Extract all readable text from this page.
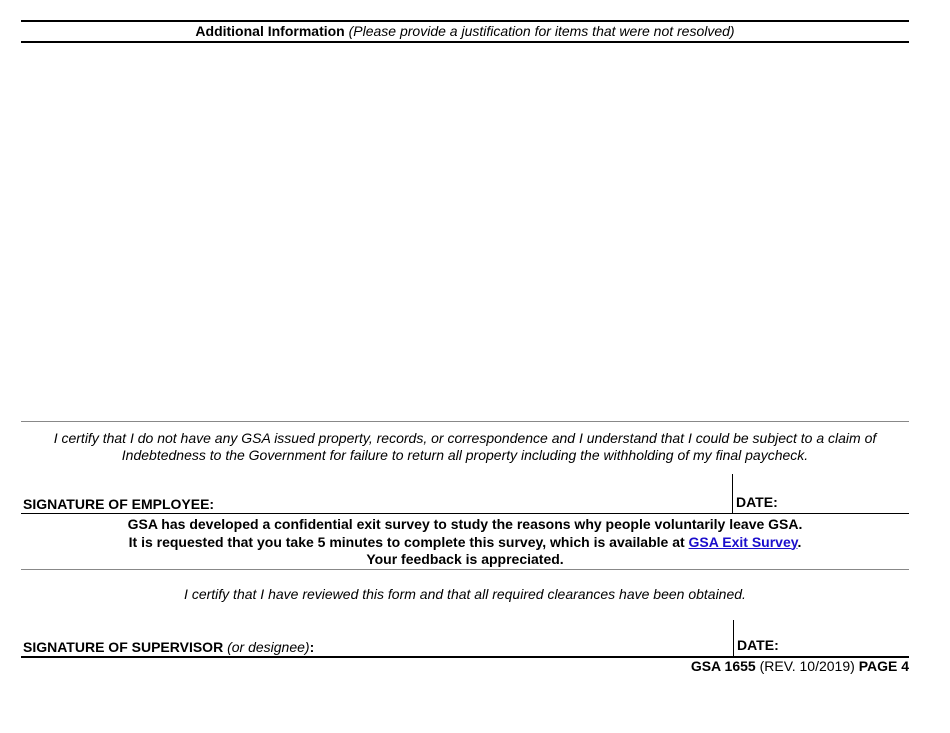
Additional Information (Please provide a justification for items that were not resolved)
I certify that I do not have any GSA issued property, records, or correspondence and I understand that I could be subject to a claim of
Indebtedness to the Government for failure to return all property including the withholding of my final paycheck.
SIGNATURE OF EMPLOYEE:	DATE:
GSA has developed a confidential exit survey to study the reasons why people voluntarily leave GSA.
It is requested that you take 5 minutes to complete this survey, which is available at GSA Exit Survey.
Your feedback is appreciated.
I certify that I have reviewed this form and that all required clearances have been obtained.
SIGNATURE OF SUPERVISOR (or designee):	DATE:
GSA 1655 (REV. 10/2019) PAGE 4
